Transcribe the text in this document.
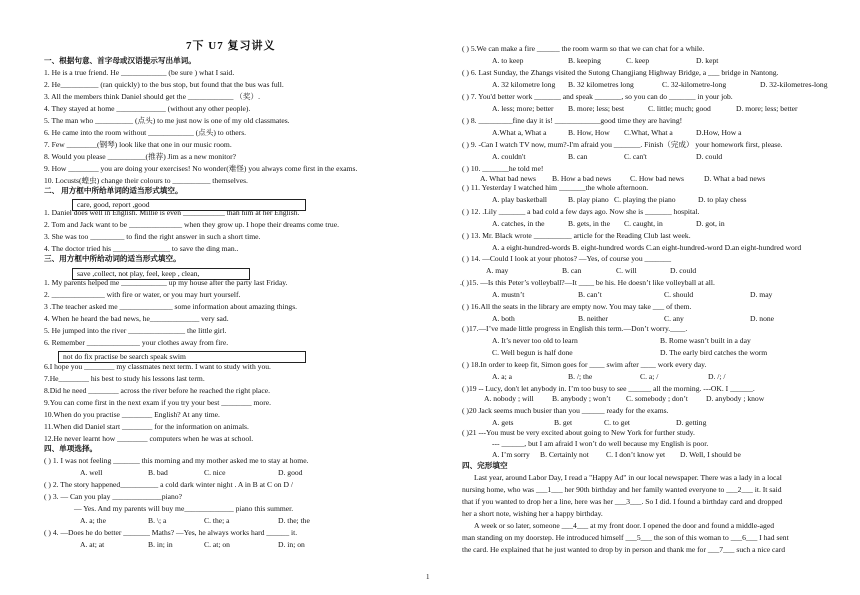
7下 U7 复习讲义
care, good, report ,good
save ,collect, not play, feel, keep , clean,
not do fix practise be search speak swim
1
一、根据句意、首字母或汉语提示写出单词。
1. He is a true friend. He ____________ (be sure ) what I said.
2. He__________ (ran quickly) to the bus stop, but found that the bus was full.
3. All the members think Daniel should get the ____________ （奖）.
4. They stayed at home _____________ (without any other people).
5. The man who __________ (点头) to me just now is one of my old classmates.
6. He came into the room without ____________ (点头) to others.
7. Few ________(钢琴) look like that one in our music room.
8. Would you please __________(推荐) Jim as a new monitor?
9. How ________ you are doing your exercises! No wonder(难怪) you always come first in the exams.
10. Locusts(蝗虫) change their colours to __________ themselves.
二、 用方框中所给单词的适当形式填空。
1. Daniel does well in English. Millie is even ___________ than him at her English.
2. Tom and Jack want to be ______________ when they grow up. I hope their dreams come true.
3. She was too _________ to find the right answer in such a short time.
4. The doctor tried his _______________ to save the ding man..
三、用方框中所给动词的适当形式填空。
1. My parents helped me ____________ up my house after the party last Friday.
2. ______________ with fire or water, or you may hurt yourself.
3 .The teacher asked me ______________ some information about amazing things.
4. When he heard the bad news, he_____________ very sad.
5. He jumped into the river _______________ the little girl.
6. Remember ______________ your clothes away from fire.
6.I hope you ________ my classmates next term. I want to study with you.
7.He________ his best to study his lessons last term.
8.Did he need ________ across the river before he reached the right place.
9.You can come first in the next exam if you try your best ________ more.
10.When do you practise ________ English? At any time.
11.When did Daniel start ________ for the information on animals.
12.He never learnt how ________ computers when he was at school.
四、单项选择。
( ) 1. I was not feeling _______ this morning and my mother asked me to stay at home.
( ) 2. The story happened__________ a cold dark winter night . A in B at C on D /
( ) 3. — Can you play _____________piano?
— Yes. And my parents will buy me_____________ piano this summer.
( ) 4. —Does he do better _______ Maths? —Yes, he always works hard ______ it.
A. well	B. bad	C. nice	D. good
A. a; the	B. \; a	C. the; a	D. the; the
A. at; at	B. in; in	C. at; on	D. in; on
( ) 5.We can make a fire ______ the room warm so that we can chat for a while.
( ) 6. Last Sunday, the Zhangs visited the Sutong Changjiang Highway Bridge, a ___ bridge in Nantong.
( ) 7. You'd better work _______ and speak _______, so you can do _______ in your job.
( ) 8. _________fine day it is! ____________good time they are having!
( ) 9. -Can I watch TV now, mum?-I'm afraid you _______. Finish（完成） your homework first, please.
( ) 10. _______he told me!
( ) 11. Yesterday I watched him _______the whole afternoon.
( ) 12. .Lily _______ a bad cold a few days ago. Now she is _______ hospital.
( ) 13. Mr. Black wrote __________ article for the Reading Club last week.
( ) 14. —Could I look at your photos? —Yes, of course you _______
.( )15. —Is this Peter’s volleyball?—It ____ be his. He doesn’t like volleyball at all.
( ) 16.All the seats in the library are empty now. You may take ___ of them.
( )17.—I’ve made little progress in English this term.—Don’t worry.____.
( ) 18.In order to keep fit, Simon goes for ____ swim after ____ work every day.
( )19 -- Lucy, don't let anybody in. I’m too busy to see ______ all the morning. ---OK. I ______.
( )20 Jack seems much busier than you ______ ready for the exams.
( )21 ---You must be very excited about going to New York for further study.
--- ______, but I am afraid I won’t do well because my English is poor.
四、完形填空
Last year, around Labor Day, I read a "Happy Ad" in our local newspaper. There was a lady in a local
nursing home, who was ___1___ her 90th birthday and her family wanted everyone to ___2___ it. It said
that if you wanted to drop her a line, here was her ___3___. So I did. I found a birthday card and dropped
her a short note, wishing her a happy birthday.
A week or so later, someone ___4___ at my front door. I opened the door and found a middle-aged
man standing on my doorstep. He introduced himself ___5___ the son of this woman to ___6___ I had sent
the card. He explained that he just wanted to drop by in person and thank me for ___7___ such a nice card
A. to keep	B. keeping	C. keep	D. kept
A. 32 kilometre long B. 32 kilometres long	C. 32-kilometre-long	D. 32-kilometres-long
A. less; more; better B. more; less; best	C. little; much; good	D. more; less; better
A.What a, What a	B. How, How C.What, What a	D.How, How a
A. couldn't	B. can	C. can't	D. could
A. What bad news B. How a bad news C. How bad news	D. What a bad news
A. play basketball	B. play piano C. playing the piano	D. to play chess
A. catches, in the	B. gets, in the C. caught, in	D. got, in
A. a eight-hundred-words B. eight-hundred words C.an eight-hundred-word D.an eight-hundred word
A. may	B. can	C. will	D. could
A. mustn’t	B. can’t	C. should	D. may
A. both	B. neither	C. any	D. none
A. It’s never too old to learn	B. Rome wasn’t built in a day
C. Well begun is half done	D. The early bird catches the worm
A. a; a	B. /; the	C. a; /	D. /; /
A. nobody ; will B. anybody ; won’t C. somebody ; don’t D. anybody ; know
A. gets	B. get	C. to get	D. getting
A. I’m sorry B. Certainly not C. I don’t know yet D. Well, I should be
